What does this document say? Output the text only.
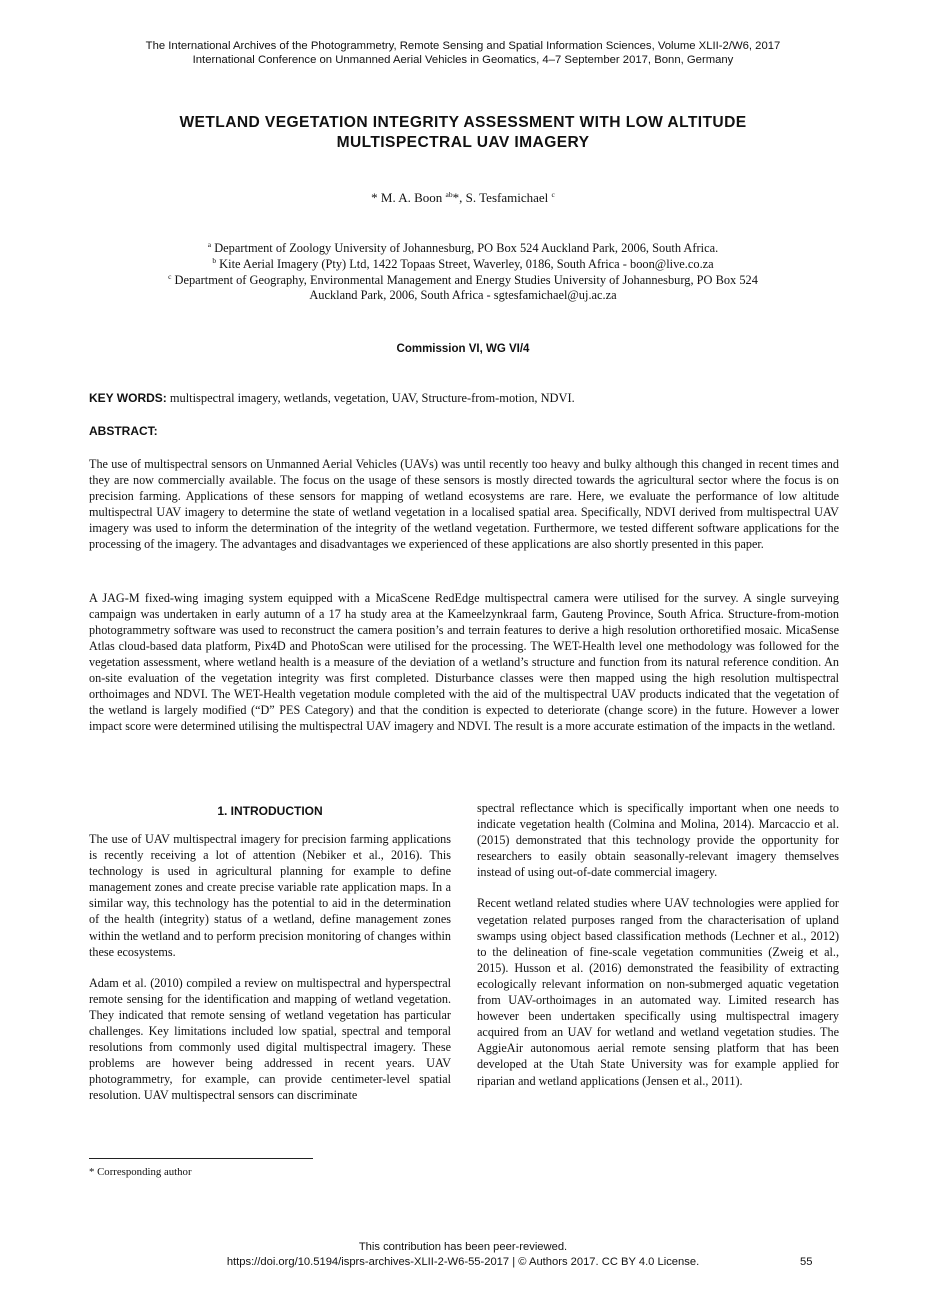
The International Archives of the Photogrammetry, Remote Sensing and Spatial Information Sciences, Volume XLII-2/W6, 2017
International Conference on Unmanned Aerial Vehicles in Geomatics, 4–7 September 2017, Bonn, Germany
WETLAND VEGETATION INTEGRITY ASSESSMENT WITH LOW ALTITUDE
MULTISPECTRAL UAV IMAGERY
* M. A. Boon $^{ab}$*, S. Tesfamichael $^c$
$^a$ Department of Zoology University of Johannesburg, PO Box 524 Auckland Park, 2006, South Africa.
$^b$ Kite Aerial Imagery (Pty) Ltd, 1422 Topaas Street, Waverley, 0186, South Africa - boon@live.co.za
$^c$ Department of Geography, Environmental Management and Energy Studies University of Johannesburg, PO Box 524
Auckland Park, 2006, South Africa - sgtesfamichael@uj.ac.za
Commission VI, WG VI/4
KEY WORDS: multispectral imagery, wetlands, vegetation, UAV, Structure-from-motion, NDVI.
ABSTRACT:

The use of multispectral sensors on Unmanned Aerial Vehicles (UAVs) was until recently too heavy and bulky although this changed in recent times and they are now commercially available. The focus on the usage of these sensors is mostly directed towards the agricultural sector where the focus is on precision farming. Applications of these sensors for mapping of wetland ecosystems are rare. Here, we evaluate the performance of low altitude multispectral UAV imagery to determine the state of wetland vegetation in a localised spatial area. Specifically, NDVI derived from multispectral UAV imagery was used to inform the determination of the integrity of the wetland vegetation. Furthermore, we tested different software applications for the processing of the imagery. The advantages and disadvantages we experienced of these applications are also shortly presented in this paper.

A JAG-M fixed-wing imaging system equipped with a MicaScene RedEdge multispectral camera were utilised for the survey. A single surveying campaign was undertaken in early autumn of a 17 ha study area at the Kameelzynkraal farm, Gauteng Province, South Africa. Structure-from-motion photogrammetry software was used to reconstruct the camera position’s and terrain features to derive a high resolution orthoretified mosaic. MicaSense Atlas cloud-based data platform, Pix4D and PhotoScan were utilised for the processing. The WET-Health level one methodology was followed for the vegetation assessment, where wetland health is a measure of the deviation of a wetland’s structure and function from its natural reference condition. An on-site evaluation of the vegetation integrity was first completed. Disturbance classes were then mapped using the high resolution multispectral orthoimages and NDVI. The WET-Health vegetation module completed with the aid of the multispectral UAV products indicated that the vegetation of the wetland is largely modified (“D” PES Category) and that the condition is expected to deteriorate (change score) in the future. However a lower impact score were determined utilising the multispectral UAV imagery and NDVI. The result is a more accurate estimation of the impacts in the wetland.

1. INTRODUCTION

The use of UAV multispectral imagery for precision farming applications is recently receiving a lot of attention (Nebiker et al., 2016). This technology is used in agricultural planning for example to define management zones and create precise variable rate application maps. In a similar way, this technology has the potential to aid in the determination of the health (integrity) status of a wetland, define management zones within the wetland and to perform precision monitoring of changes within these ecosystems.

Adam et al. (2010) compiled a review on multispectral and hyperspectral remote sensing for the identification and mapping of wetland vegetation. They indicated that remote sensing of wetland vegetation has particular challenges. Key limitations included low spatial, spectral and temporal resolutions from commonly used digital multispectral imagery. These problems are however being addressed in recent years. UAV photogrammetry, for example, can provide centimeter-level spatial resolution. UAV multispectral sensors can discriminate

spectral reflectance which is specifically important when one needs to indicate vegetation health (Colmina and Molina, 2014). Marcaccio et al. (2015) demonstrated that this technology provide the opportunity for researchers to easily obtain seasonally-relevant imagery themselves instead of using out-of-date commercial imagery.

Recent wetland related studies where UAV technologies were applied for vegetation related purposes ranged from the characterisation of upland swamps using object based classification methods (Lechner et al., 2012) to the delineation of fine-scale vegetation communities (Zweig et al., 2015). Husson et al. (2016) demonstrated the feasibility of extracting ecologically relevant information on non-submerged aquatic vegetation from UAV-orthoimages in an automated way. Limited research has however been undertaken specifically using multispectral imagery acquired from an UAV for wetland and wetland vegetation studies. The AggieAir autonomous aerial remote sensing platform that has been developed at the Utah State University was for example applied for riparian and wetland applications (Jensen et al., 2011).

* Corresponding author
This contribution has been peer-reviewed.
https://doi.org/10.5194/isprs-archives-XLII-2-W6-55-2017 | © Authors 2017. CC BY 4.0 License.	55
